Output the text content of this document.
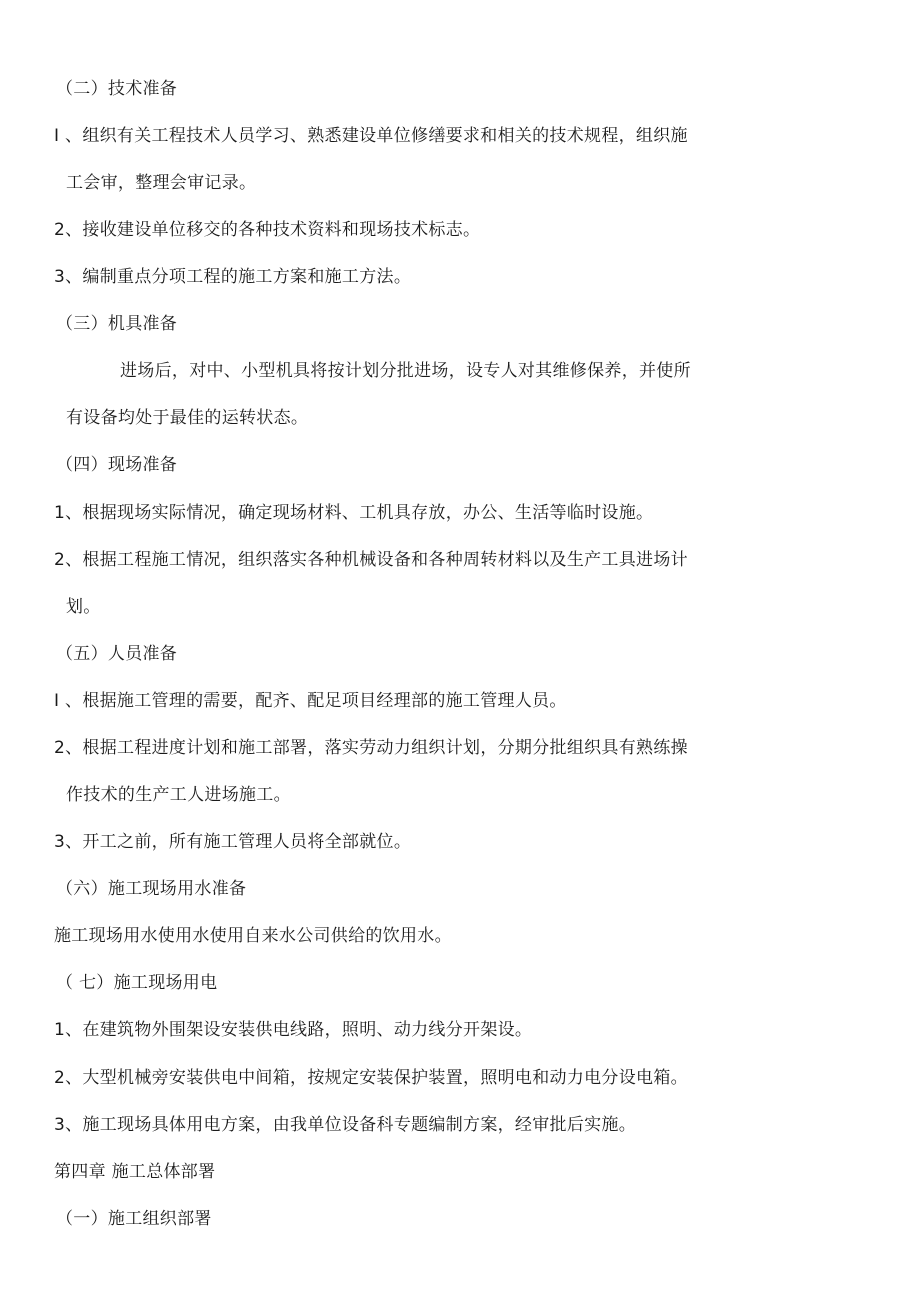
（二）技术准备
I 、组织有关工程技术人员学习、熟悉建设单位修缮要求和相关的技术规程，组织施
工会审，整理会审记录。
2、接收建设单位移交的各种技术资料和现场技术标志。
3、编制重点分项工程的施工方案和施工方法。
（三）机具准备
进场后，对中、小型机具将按计划分批进场，设专人对其维修保养，并使所
有设备均处于最佳的运转状态。
（四）现场准备
1、根据现场实际情况，确定现场材料、工机具存放，办公、生活等临时设施。
2、根据工程施工情况，组织落实各种机械设备和各种周转材料以及生产工具进场计
划。
（五）人员准备
I 、根据施工管理的需要，配齐、配足项目经理部的施工管理人员。
2、根据工程进度计划和施工部署，落实劳动力组织计划，分期分批组织具有熟练操
作技术的生产工人进场施工。
3、开工之前，所有施工管理人员将全部就位。
（六）施工现场用水准备
施工现场用水使用水使用自来水公司供给的饮用水。
（ 七）施工现场用电
1、在建筑物外围架设安装供电线路，照明、动力线分开架设。
2、大型机械旁安装供电中间箱，按规定安装保护装置，照明电和动力电分设电箱。
3、施工现场具体用电方案，由我单位设备科专题编制方案，经审批后实施。
第四章 施工总体部署
（一）施工组织部署
